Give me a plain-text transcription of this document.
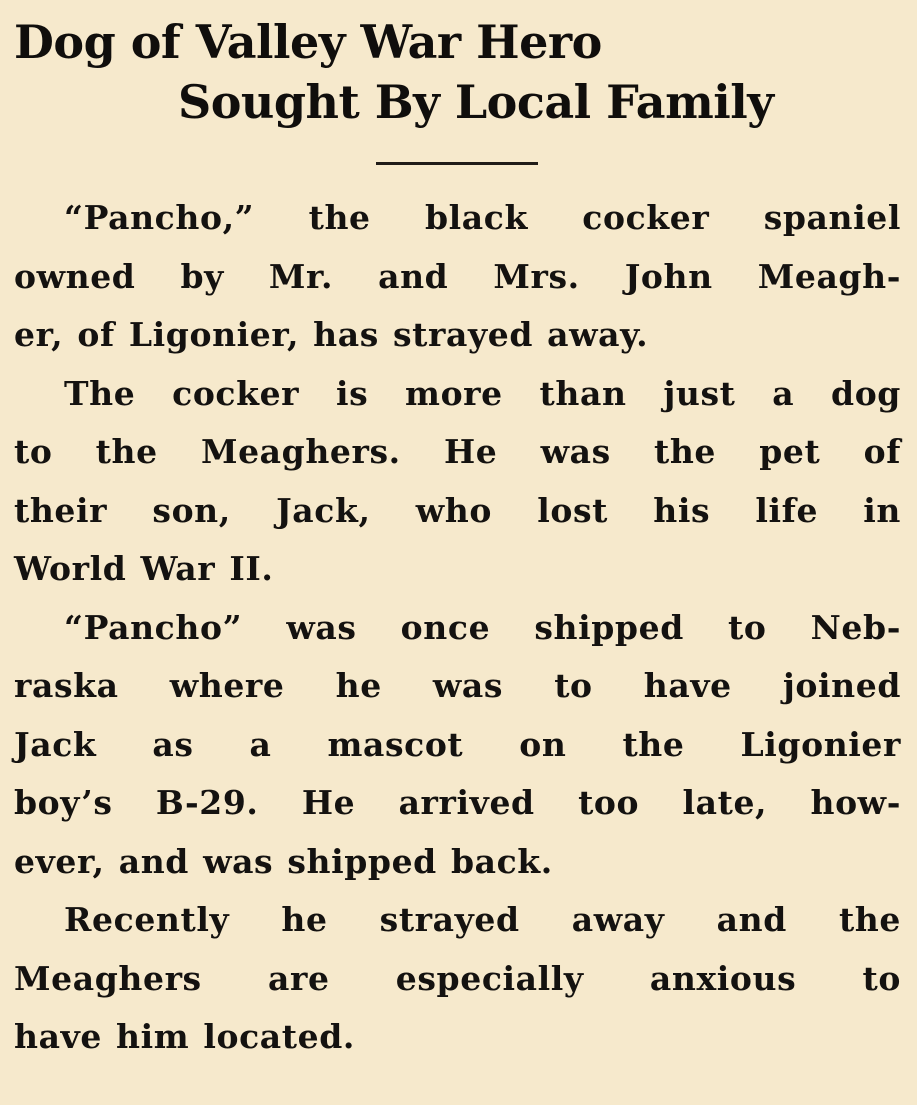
Dog of Valley War Hero
Sought By Local Family

“Pancho,” the black cocker spaniel
owned by Mr. and Mrs. John Meagh-
er, of Ligonier, has strayed away.

The cocker is more than just a dog
to the Meaghers. He was the pet of
their son, Jack, who lost his life in
World War II.

“Pancho” was once shipped to Neb-
raska where he was to have joined
Jack as a mascot on the Ligonier
boy’s B-29. He arrived too late, how-
ever, and was shipped back.

Recently he strayed away and the
Meaghers are especially anxious to
have him located.
